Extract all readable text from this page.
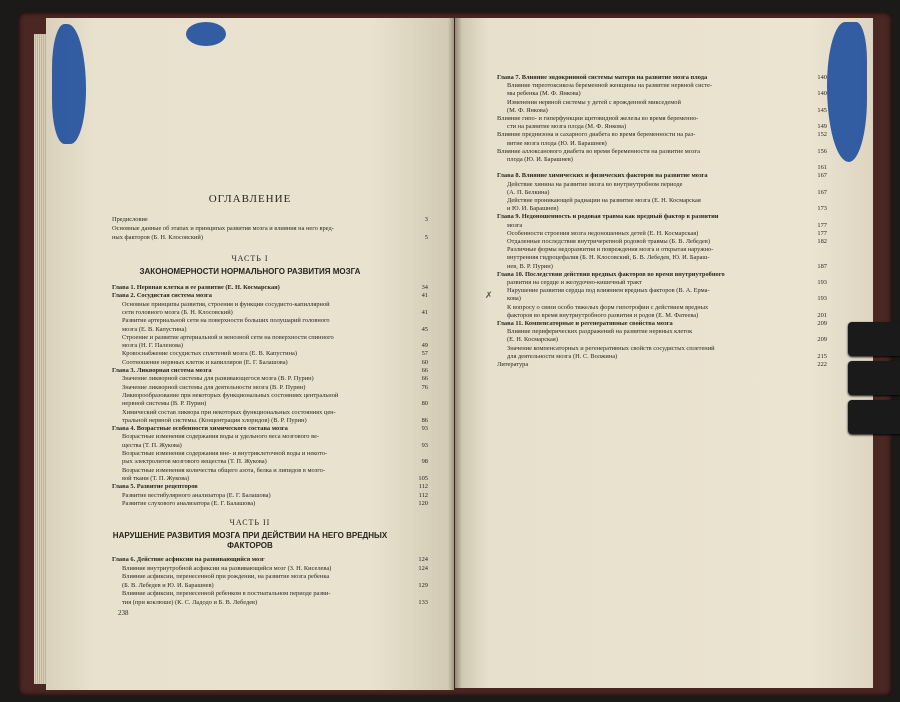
ОГЛАВЛЕНИЕ
Предисловие	3
Основные данные об этапах и принципах развития мозга и влияния на него вред-
ных факторов (Б. Н. Клосовский)	5
ЧАСТЬ I
ЗАКОНОМЕРНОСТИ НОРМАЛЬНОГО РАЗВИТИЯ МОЗГА
Глава 1. Нервная клетка и ее развитие (Е. Н. Космарская)	34
Глава 2. Сосудистая система мозга	41
Основные принципы развития, строения и функции сосудисто-капиллярной
сети головного мозга (Б. Н. Клосовский)	41
Развитие артериальной сети на поверхности больших полушарий головного
мозга (Е. В. Капустина)	45
Строение и развитие артериальной и венозной сети на поверхности спинного
мозга (Н. Г. Паленова)	49
Кровоснабжение сосудистых сплетений мозга (Е. В. Капустина)	57
Соотношение нервных клеток и капилляров (Е. Г. Балашова)	60
Глава 3. Ликворная система мозга	66
Значение ликворной системы для развивающегося мозга (В. Р. Пурин)	66
Значение ликворной системы для деятельности мозга (В. Р. Пурин)	76
Ликворообразование при некоторых функциональных состояниях центральной
нервной системы (В. Р. Пурин)	80
Химический состав ликвора при некоторых функциональных состояниях цен-
тральной нервной системы. (Концентрация хлоридов) (В. Р. Пурин)	86
Глава 4. Возрастные особенности химического состава мозга	93
Возрастные изменения содержания воды и удельного веса мозгового ве-
щества (Т. П. Жукова)	93
Возрастные изменения содержания вне- и внутриклеточной воды и некото-
рых электролитов мозгового вещества (Т. П. Жукова)	98
Возрастные изменения количества общего азота, белка и липидов в мозго-
вой ткани (Т. П. Жукова)	105
Глава 5. Развитие рецепторов	112
Развитие вестибулярного анализатора (Е. Г. Балашова)	112
Развитие слухового анализатора (Е. Г. Балашова)	120
ЧАСТЬ II
НАРУШЕНИЕ РАЗВИТИЯ МОЗГА ПРИ ДЕЙСТВИИ НА НЕГО ВРЕДНЫХ
ФАКТОРОВ
Глава 6. Действие асфиксии на развивающийся мозг	124
Влияние внутриутробной асфиксии на развивающийся мозг (З. Н. Киселева)	124
Влияние асфиксии, перенесенной при рождении, на развитие мозга ребенка
(Б. В. Лебедев и Ю. И. Барашнев)	129
Влияние асфиксии, перенесенной ребенком в постнатальном периоде разви-
тия (при коклюше) (К. С. Ладодо и Б. В. Лебедев)	133
238
Глава 7. Влияние эндокринной системы матери на развитие мозга плода	140
Влияние тиреотоксикоза беременной женщины на развитие нервной систе-
мы ребенка (М. Ф. Янкова)	140
Изменения нервной системы у детей с врожденной микседемой
(М. Ф. Янкова)	145
Влияние гипо- и гиперфункции щитовидной железы во время беременно-
сти на развитие мозга плода (М. Ф. Янкова)	149
Влияние преднизона и сахарного диабета во время беременности на раз-	152
витие мозга плода (Ю. И. Барашнев)
Влияние аллоксанового диабета во время беременности на развитие мозга	156
плода (Ю. И. Барашнев)
161
Глава 8. Влияние химических и физических факторов на развитие мозга	167
Действие хинина на развитие мозга во внутриутробном периоде
(А. П. Белкина)	167
Действие проникающей радиации на развитие мозга (Е. Н. Космарская
и Ю. И. Барашнев)	173
Глава 9. Недоношенность и родовая травма как вредный фактор в развитии
мозга	177
Особенности строения мозга недоношенных детей (Е. Н. Космарская)	177
Отдаленные последствия внутричерепной родовой травмы (Б. В. Лебедев)	182
Различные формы недоразвития и повреждения мозга и открытая наружно-
внутренняя гидроцефалия (Б. Н. Клосовский, Б. В. Лебедев, Ю. И. Бараш-
нев, В. Р. Пурин)	187
Глава 10. Последствия действия вредных факторов во время внутриутробного
развития на сердце и желудочно-кишечный тракт	193
Нарушение развития сердца под влиянием вредных факторов (В. А. Ерма-
кова)	193
К вопросу о связи особо тяжелых форм гипотрофии с действием вредных
факторов во время внутриутробного развития и родов (Е. М. Фатеева)	201
Глава 11. Компенсаторные и регенеративные свойства мозга	209
Влияние периферических раздражений на развитие нервных клеток
(Е. Н. Космарская)	209
Значение компенсаторных и регенеративных свойств сосудистых сплетений
для деятельности мозга (Н. С. Волжина)	215
Литература	222
✗
